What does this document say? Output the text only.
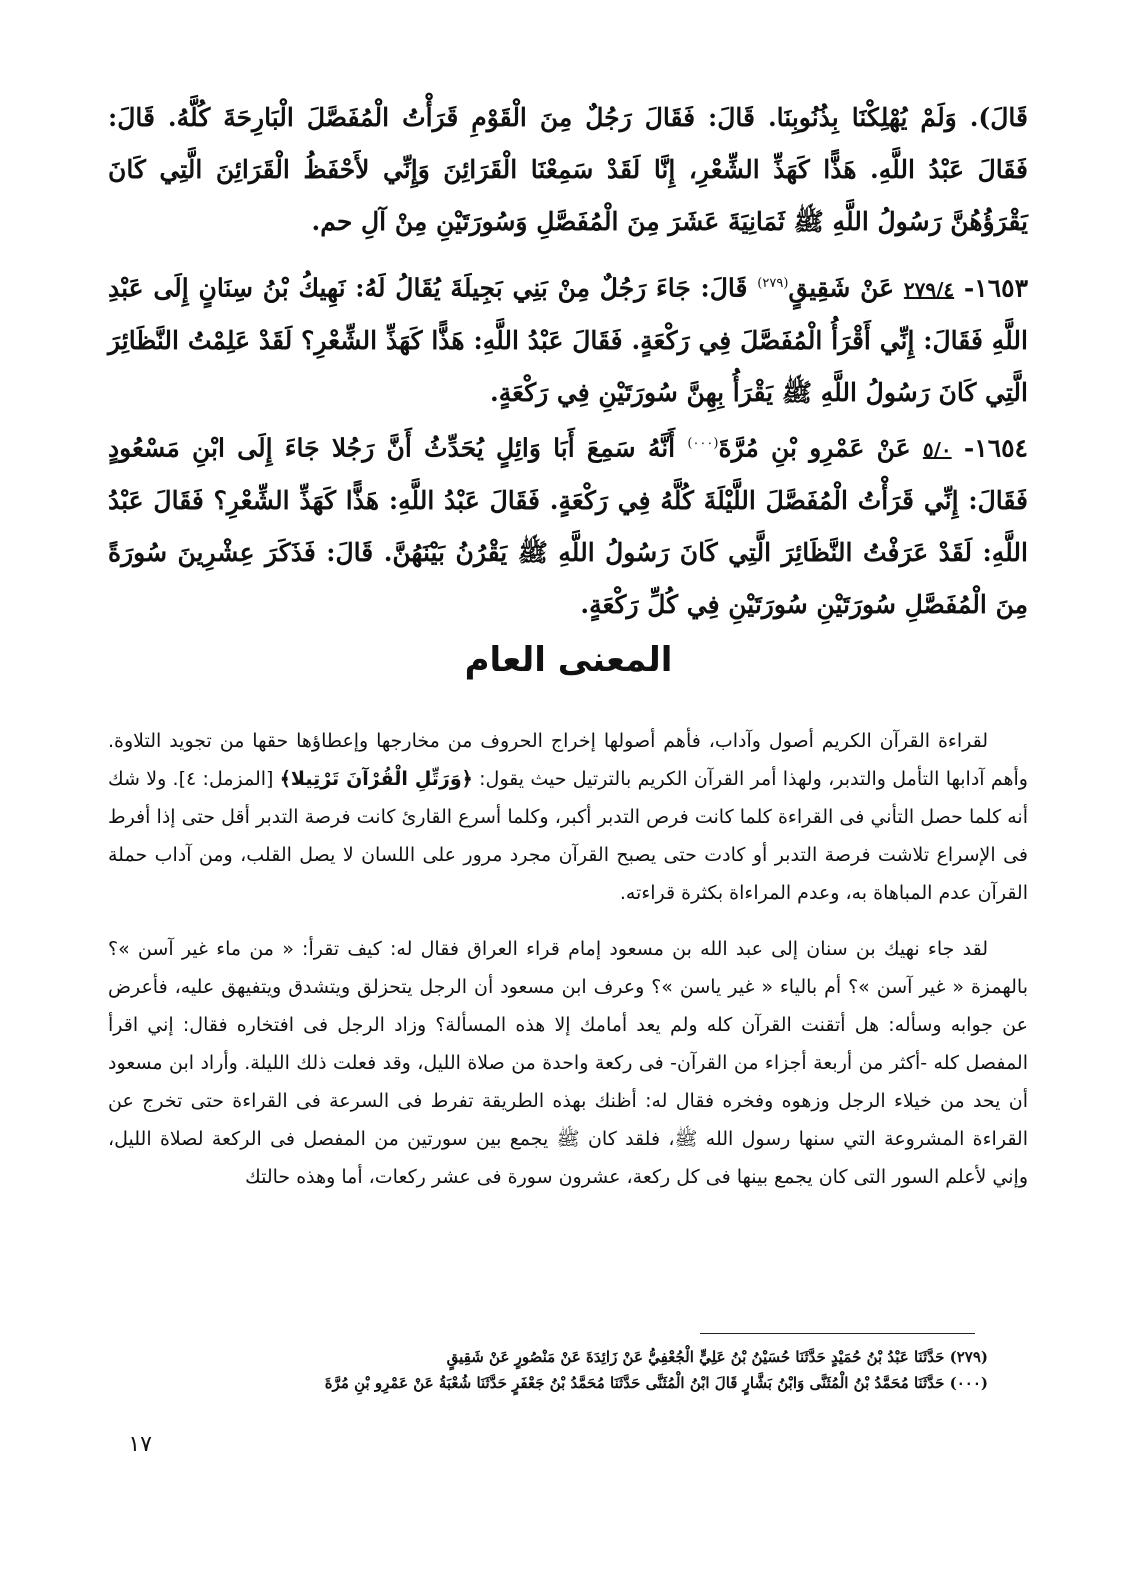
قَالَ). وَلَمْ يُهْلِكْنَا بِذُنُوبِنَا. قَالَ: فَقَالَ رَجُلٌ مِنَ الْقَوْمِ قَرَأْتُ الْمُفَصَّلَ الْبَارِحَةَ كُلَّهُ. قَالَ: فَقَالَ عَبْدُ اللَّهِ. هَذًّا كَهَذِّ الشِّعْرِ، إِنَّا لَقَدْ سَمِعْنَا الْقَرَائِنَ وَإِنِّي لأَحْفَظُ الْقَرَائِنَ الَّتِي كَانَ يَقْرَؤُهُنَّ رَسُولُ اللَّهِ ﷺ ثَمَانِيَةَ عَشَرَ مِنَ الْمُفَصَّلِ وَسُورَتَيْنِ مِنْ آلِ حم.
١٦٥٣- ٢٧٩/٤ عَنْ شَقِيقٍ$^{(٢٧٩)}$ قَالَ: جَاءَ رَجُلٌ مِنْ بَنِي بَجِيلَةَ يُقَالُ لَهُ: نَهِيكُ بْنُ سِنَانٍ إِلَى عَبْدِ اللَّهِ فَقَالَ: إِنِّي أَقْرَأُ الْمُفَصَّلَ فِي رَكْعَةٍ. فَقَالَ عَبْدُ اللَّهِ: هَذًّا كَهَذِّ الشِّعْرِ؟ لَقَدْ عَلِمْتُ النَّظَائِرَ الَّتِي كَانَ رَسُولُ اللَّهِ ﷺ يَقْرَأُ بِهِنَّ سُورَتَيْنِ فِي رَكْعَةٍ.
١٦٥٤- ٥/٠ عَنْ عَمْرِو بْنِ مُرَّةَ$^{(٠٠٠)}$ أَنَّهُ سَمِعَ أَبَا وَائِلٍ يُحَدِّثُ أَنَّ رَجُلا جَاءَ إِلَى ابْنِ مَسْعُودٍ فَقَالَ: إِنِّي قَرَأْتُ الْمُفَصَّلَ اللَّيْلَةَ كُلَّهُ فِي رَكْعَةٍ. فَقَالَ عَبْدُ اللَّهِ: هَذًّا كَهَذِّ الشِّعْرِ؟ فَقَالَ عَبْدُ اللَّهِ: لَقَدْ عَرَفْتُ النَّظَائِرَ الَّتِي كَانَ رَسُولُ اللَّهِ ﷺ يَقْرُنُ بَيْنَهُنَّ. قَالَ: فَذَكَرَ عِشْرِينَ سُورَةً مِنَ الْمُفَصَّلِ سُورَتَيْنِ سُورَتَيْنِ فِي كُلِّ رَكْعَةٍ.
المعنى العام

لقراءة القرآن الكريم أصول وآداب، فأهم أصولها إخراج الحروف من مخارجها وإعطاؤها حقها من تجويد التلاوة. وأهم آدابها التأمل والتدبر، ولهذا أمر القرآن الكريم بالترتيل حيث يقول: ﴿وَرَتِّلِ الْقُرْآنَ تَرْتِيلا﴾ [المزمل: ٤]. ولا شك أنه كلما حصل التأني فى القراءة كلما كانت فرص التدبر أكبر، وكلما أسرع القارئ كانت فرصة التدبر أقل حتى إذا أفرط فى الإسراع تلاشت فرصة التدبر أو كادت حتى يصبح القرآن مجرد مرور على اللسان لا يصل القلب، ومن آداب حملة القرآن عدم المباهاة به، وعدم المراءاة بكثرة قراءته.

لقد جاء نهيك بن سنان إلى عبد الله بن مسعود إمام قراء العراق فقال له: كيف تقرأ: « من ماء غير آسن »؟ بالهمزة « غير آسن »؟ أم بالياء « غير ياسن »؟ وعرف ابن مسعود أن الرجل يتحزلق ويتشدق ويتفيهق عليه، فأعرض عن جوابه وسأله: هل أتقنت القرآن كله ولم يعد أمامك إلا هذه المسألة؟ وزاد الرجل فى افتخاره فقال: إني اقرأ المفصل كله -أكثر من أربعة أجزاء من القرآن- فى ركعة واحدة من صلاة الليل، وقد فعلت ذلك الليلة. وأراد ابن مسعود أن يحد من خيلاء الرجل وزهوه وفخره فقال له: أظنك بهذه الطريقة تفرط فى السرعة فى القراءة حتى تخرج عن القراءة المشروعة التي سنها رسول الله ﷺ، فلقد كان ﷺ يجمع بين سورتين من المفصل فى الركعة لصلاة الليل، وإني لأعلم السور التى كان يجمع بينها فى كل ركعة، عشرون سورة فى عشر ركعات، أما وهذه حالتك

(٢٧٩) حَدَّثَنَا عَبْدُ بْنُ حُمَيْدٍ حَدَّثَنَا حُسَيْنُ بْنُ عَلِيٍّ الْجُعْفِيُّ عَنْ زَائِدَةَ عَنْ مَنْصُورٍ عَنْ شَقِيقٍ
(٠٠٠) حَدَّثَنَا مُحَمَّدُ بْنُ الْمُثَنَّى وَابْنُ بَشَّارٍ قَالَ ابْنُ الْمُثَنَّى حَدَّثَنَا مُحَمَّدُ بْنُ جَعْفَرٍ حَدَّثَنَا شُعْبَةُ عَنْ عَمْرِو بْنِ مُرَّةَ
١٧
